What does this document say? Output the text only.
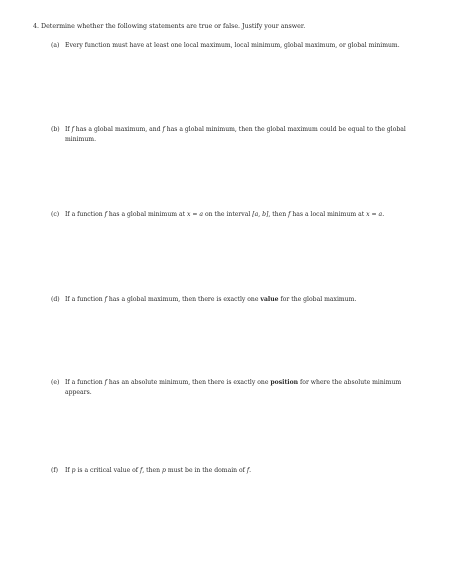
4. Determine whether the following statements are true or false. Justify your answer.
(a) Every function must have at least one local maximum, local minimum, global maximum, or global minimum.
(b) If f has a global maximum, and f has a global minimum, then the global maximum could be equal to the global
minimum.
(c) If a function f has a global minimum at x = a on the interval [a, b], then f has a local minimum at x = a.
(d) If a function f has a global maximum, then there is exactly one value for the global maximum.
(e) If a function f has an absolute minimum, then there is exactly one position for where the absolute minimum
appears.
(f) If p is a critical value of f, then p must be in the domain of f.
